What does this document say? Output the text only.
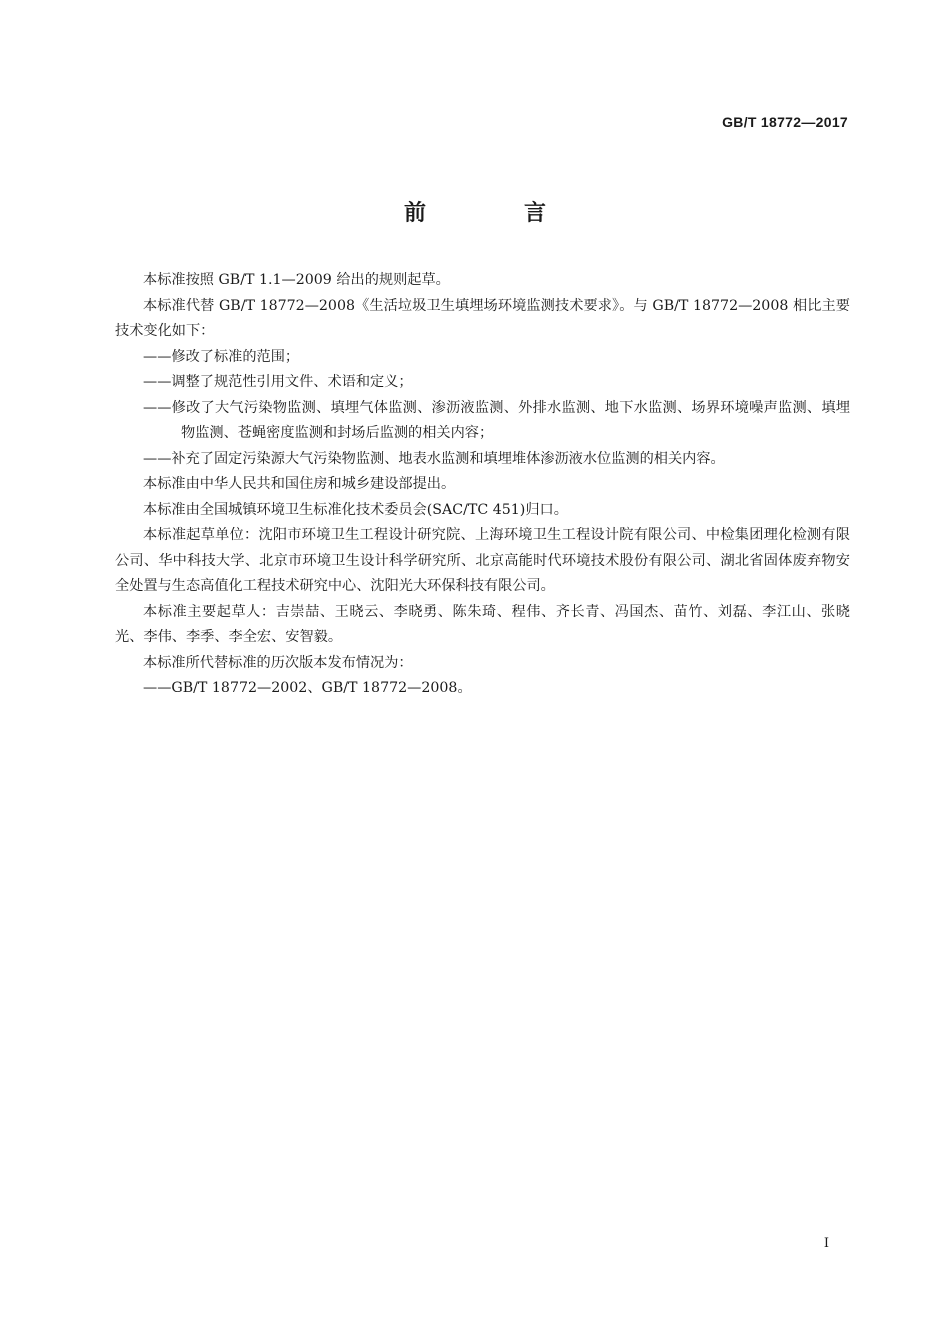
GB/T 18772—2017
前　言

本标准按照 GB/T 1.1—2009 给出的规则起草。

本标准代替 GB/T 18772—2008《生活垃圾卫生填埋场环境监测技术要求》。与 GB/T 18772—2008 相比主要技术变化如下：

——修改了标准的范围；

——调整了规范性引用文件、术语和定义；

——修改了大气污染物监测、填埋气体监测、渗沥液监测、外排水监测、地下水监测、场界环境噪声监测、填埋物监测、苍蝇密度监测和封场后监测的相关内容；

——补充了固定污染源大气污染物监测、地表水监测和填埋堆体渗沥液水位监测的相关内容。

本标准由中华人民共和国住房和城乡建设部提出。

本标准由全国城镇环境卫生标准化技术委员会(SAC/TC 451)归口。

本标准起草单位：沈阳市环境卫生工程设计研究院、上海环境卫生工程设计院有限公司、中检集团理化检测有限公司、华中科技大学、北京市环境卫生设计科学研究所、北京高能时代环境技术股份有限公司、湖北省固体废弃物安全处置与生态高值化工程技术研究中心、沈阳光大环保科技有限公司。

本标准主要起草人：吉崇喆、王晓云、李晓勇、陈朱琦、程伟、齐长青、冯国杰、苗竹、刘磊、李江山、张晓光、李伟、李季、李全宏、安智毅。

本标准所代替标准的历次版本发布情况为：

——GB/T 18772—2002、GB/T 18772—2008。

I
